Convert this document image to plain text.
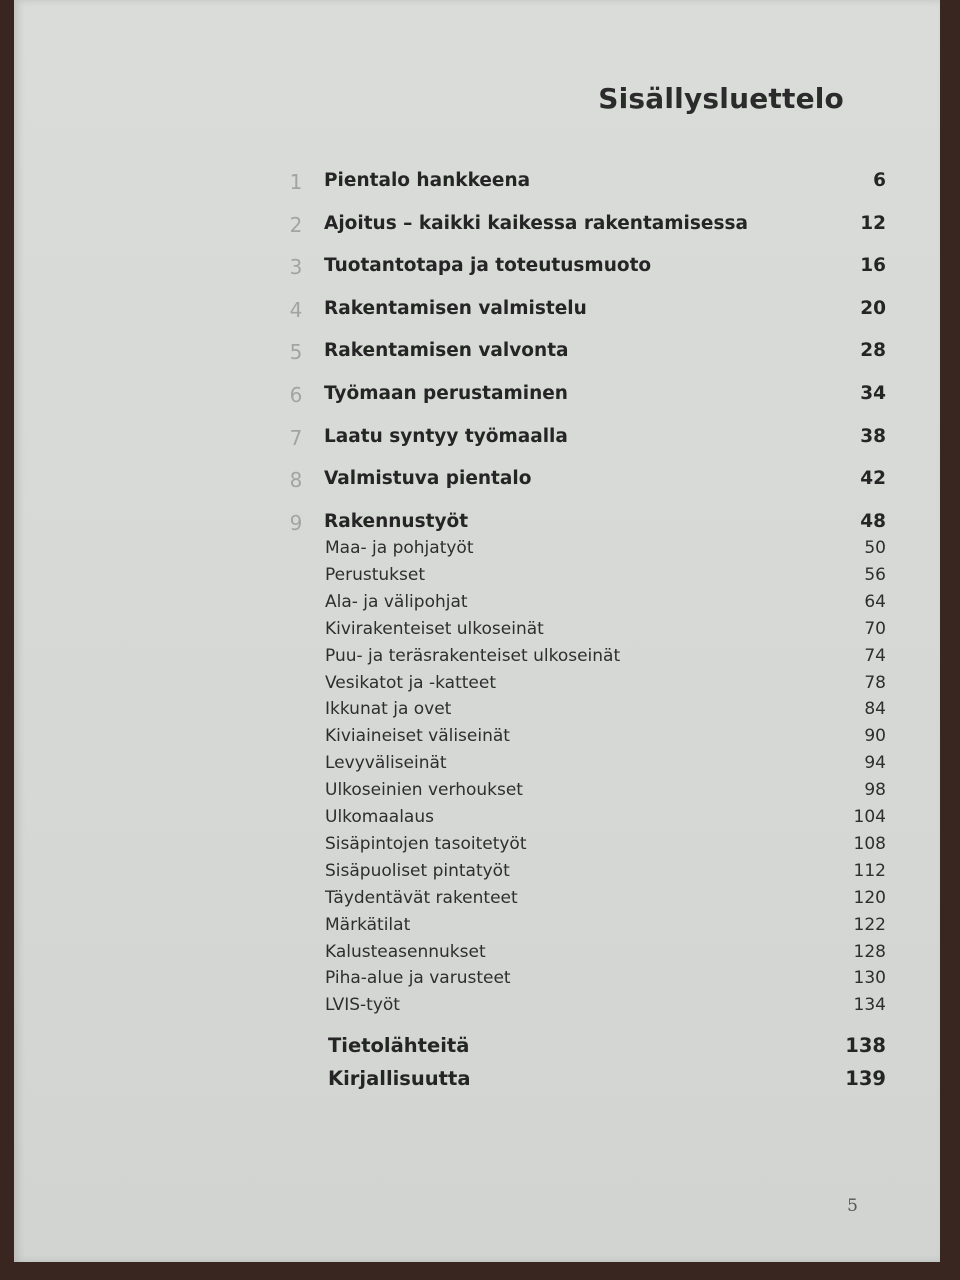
Sisällysluettelo
1	Pientalo hankkeena	6
2	Ajoitus – kaikki kaikessa rakentamisessa	12
3	Tuotantotapa ja toteutusmuoto	16
4	Rakentamisen valmistelu	20
5	Rakentamisen valvonta	28
6	Työmaan perustaminen	34
7	Laatu syntyy työmaalla	38
8	Valmistuva pientalo	42
9	Rakennustyöt	48
Maa- ja pohjatyöt	50
Perustukset	56
Ala- ja välipohjat	64
Kivirakenteiset ulkoseinät	70
Puu- ja teräsrakenteiset ulkoseinät	74
Vesikatot ja -katteet	78
Ikkunat ja ovet	84
Kiviaineiset väliseinät	90
Levyväliseinät	94
Ulkoseinien verhoukset	98
Ulkomaalaus	104
Sisäpintojen tasoitetyöt	108
Sisäpuoliset pintatyöt	112
Täydentävät rakenteet	120
Märkätilat	122
Kalusteasennukset	128
Piha-alue ja varusteet	130
LVIS-työt	134
Tietolähteitä	138
Kirjallisuutta	139
5
